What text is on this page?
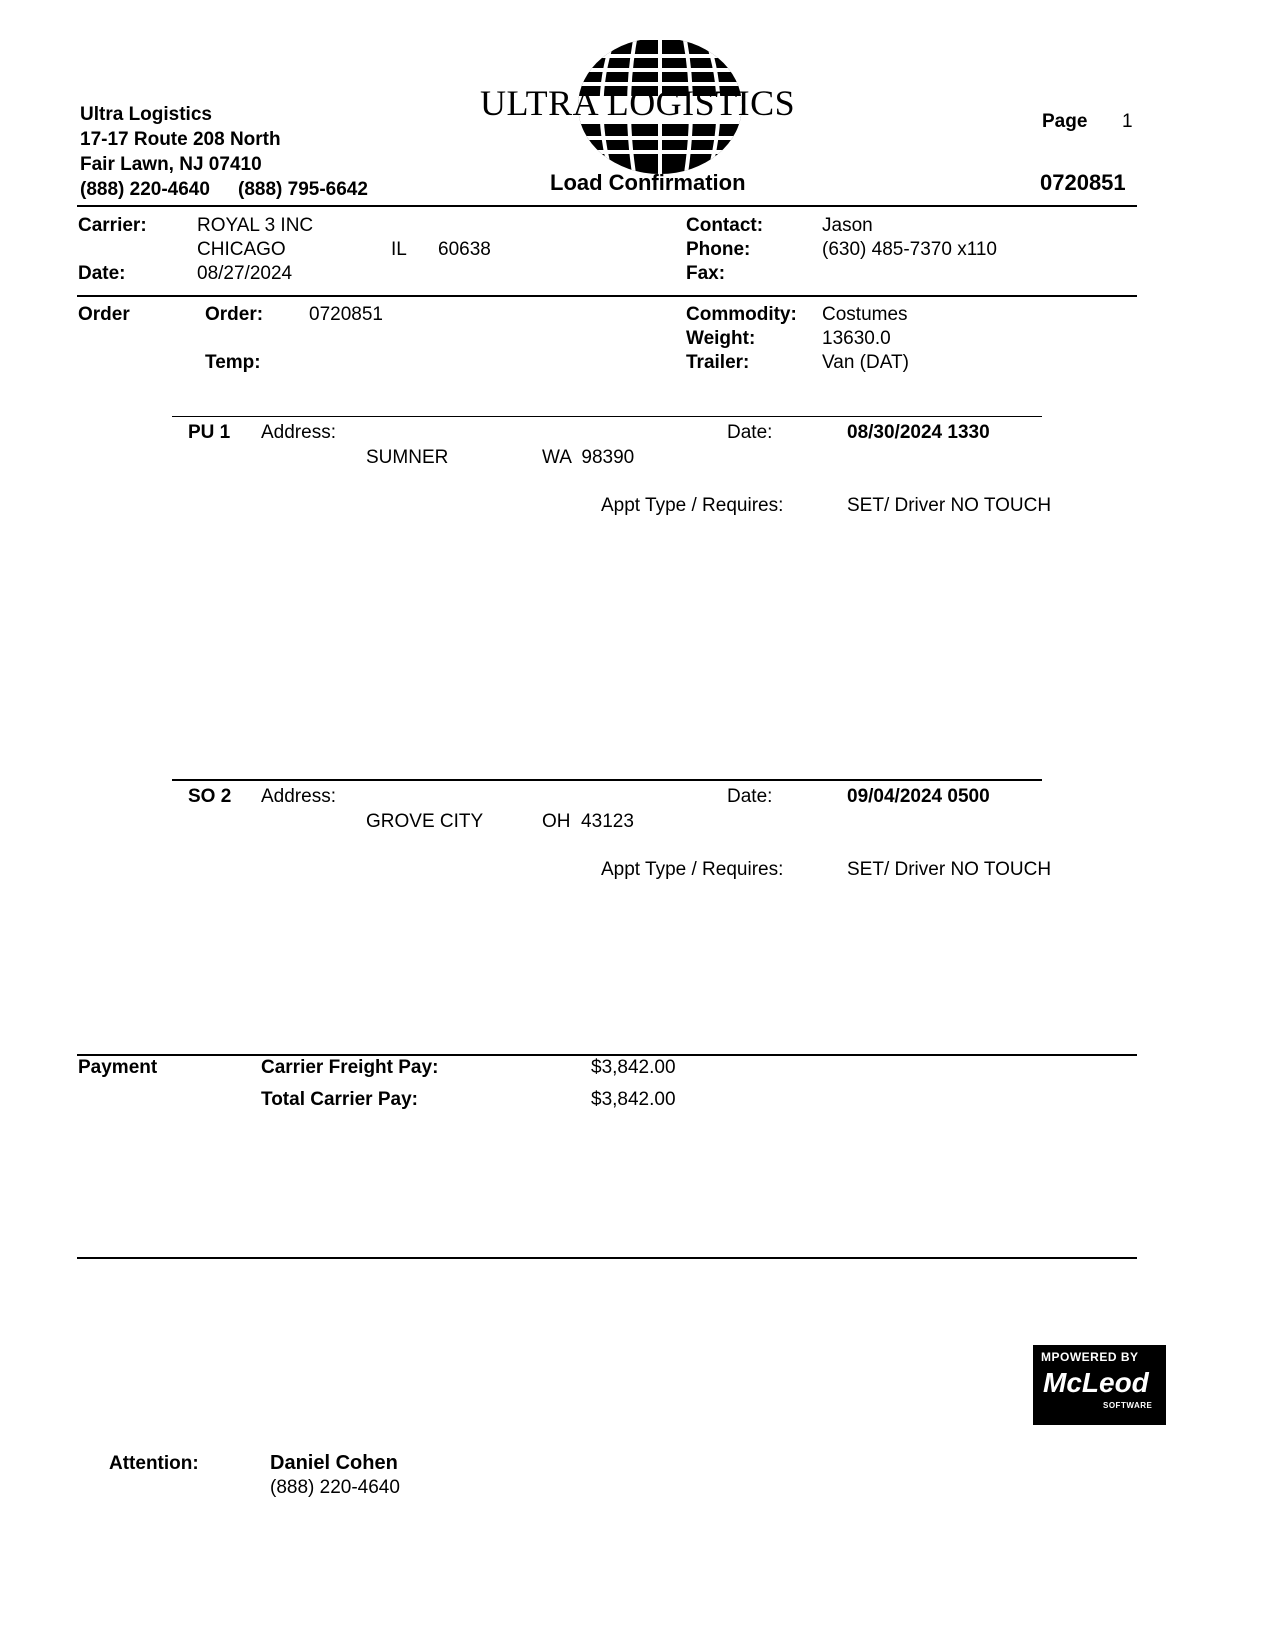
Ultra Logistics
17-17 Route 208 North
Fair Lawn, NJ 07410
(888) 220-4640 (888) 795-6642
ULTRA LOGISTICS
Load Confirmation
Page 1
0720851
Carrier:	ROYAL 3 INC
CHICAGO	IL 60638
Date:	08/27/2024
Contact:	Jason
Phone:	(630) 485-7370 x110
Fax:
Order	Order: 0720851
Temp:
Commodity: Costumes
Weight:	13630.0
Trailer:	Van (DAT)
PU 1 Address:
SUMNER	WA  98390
Date:	08/30/2024 1330
Appt Type / Requires:	SET/ Driver NO TOUCH
SO 2 Address:
GROVE CITY	OH  43123
Date:	09/04/2024 0500
Appt Type / Requires:	SET/ Driver NO TOUCH
Payment	Carrier Freight Pay:	$3,842.00
Total Carrier Pay:	$3,842.00
MPOWERED BY
McLeod
SOFTWARE
Attention:	Daniel Cohen
(888) 220-4640
